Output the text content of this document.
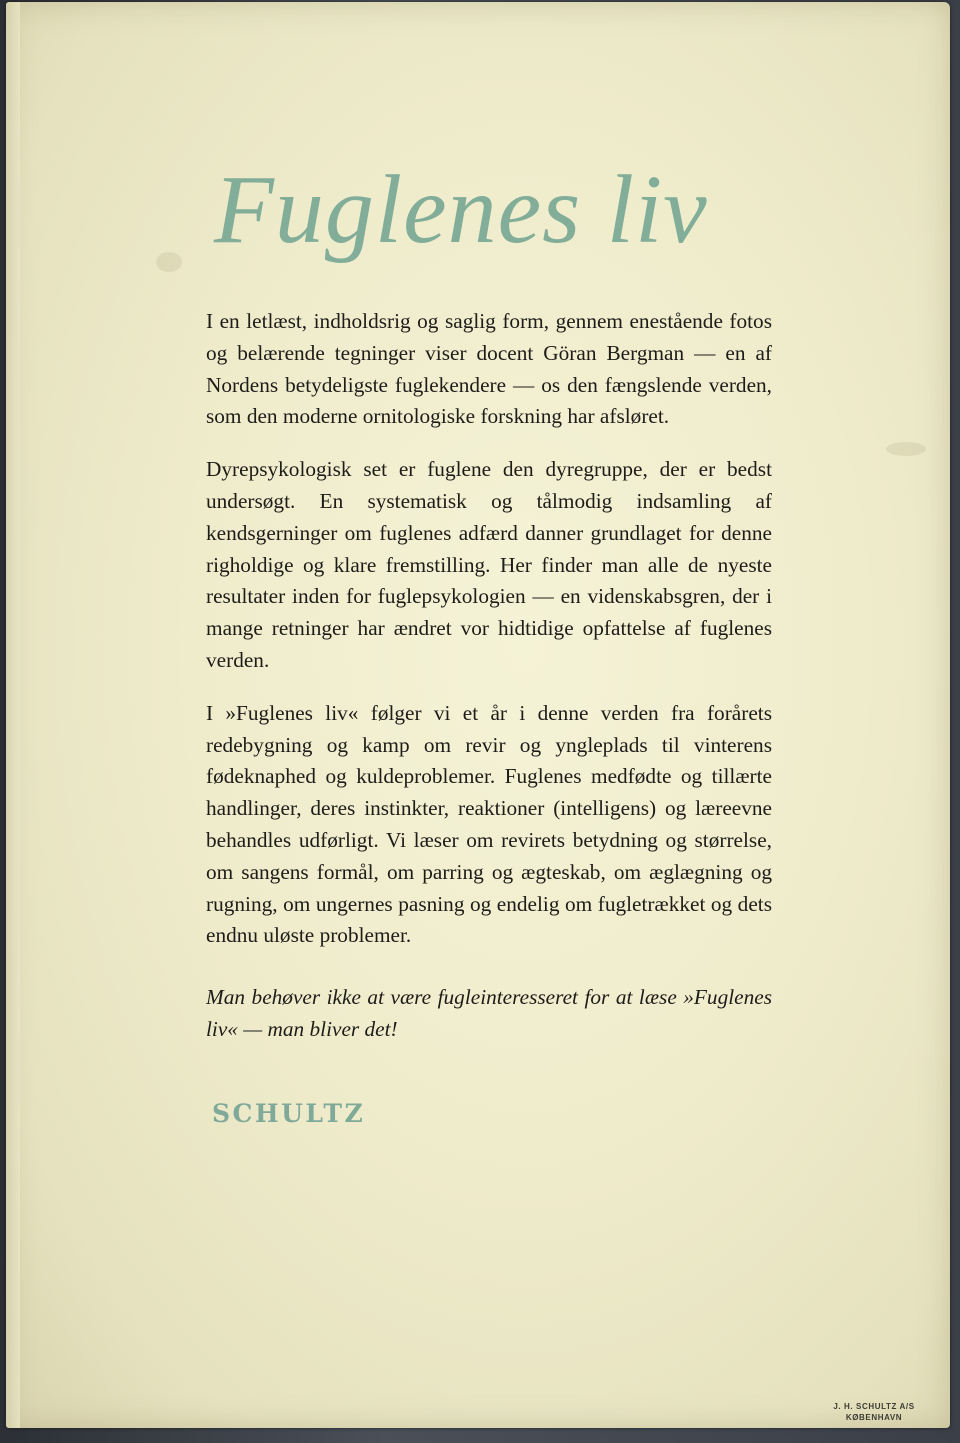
Fuglenes liv

I en letlæst, indholdsrig og saglig form, gennem enestående fotos og belærende tegninger viser docent Göran Bergman — en af Nordens betydeligste fuglekendere — os den fængslende verden, som den moderne ornitologiske forskning har afsløret.

Dyrepsykologisk set er fuglene den dyregruppe, der er bedst undersøgt. En systematisk og tålmodig indsamling af kendsgerninger om fuglenes adfærd danner grundlaget for denne righoldige og klare fremstilling. Her finder man alle de nyeste resultater inden for fuglepsykologien — en videnskabsgren, der i mange retninger har ændret vor hidtidige opfattelse af fuglenes verden.

I »Fuglenes liv« følger vi et år i denne verden fra forårets redebygning og kamp om revir og yngleplads til vinterens fødeknaphed og kuldeproblemer. Fuglenes medfødte og tillærte handlinger, deres instinkter, reaktioner (intelligens) og læreevne behandles udførligt. Vi læser om revirets betydning og størrelse, om sangens formål, om parring og ægteskab, om æglægning og rugning, om ungernes pasning og endelig om fugletrækket og dets endnu uløste problemer.

Man behøver ikke at være fugleinteresseret for at læse »Fuglenes liv« — man bliver det!

SCHULTZ
J. H. SCHULTZ A/S
KØBENHAVN
